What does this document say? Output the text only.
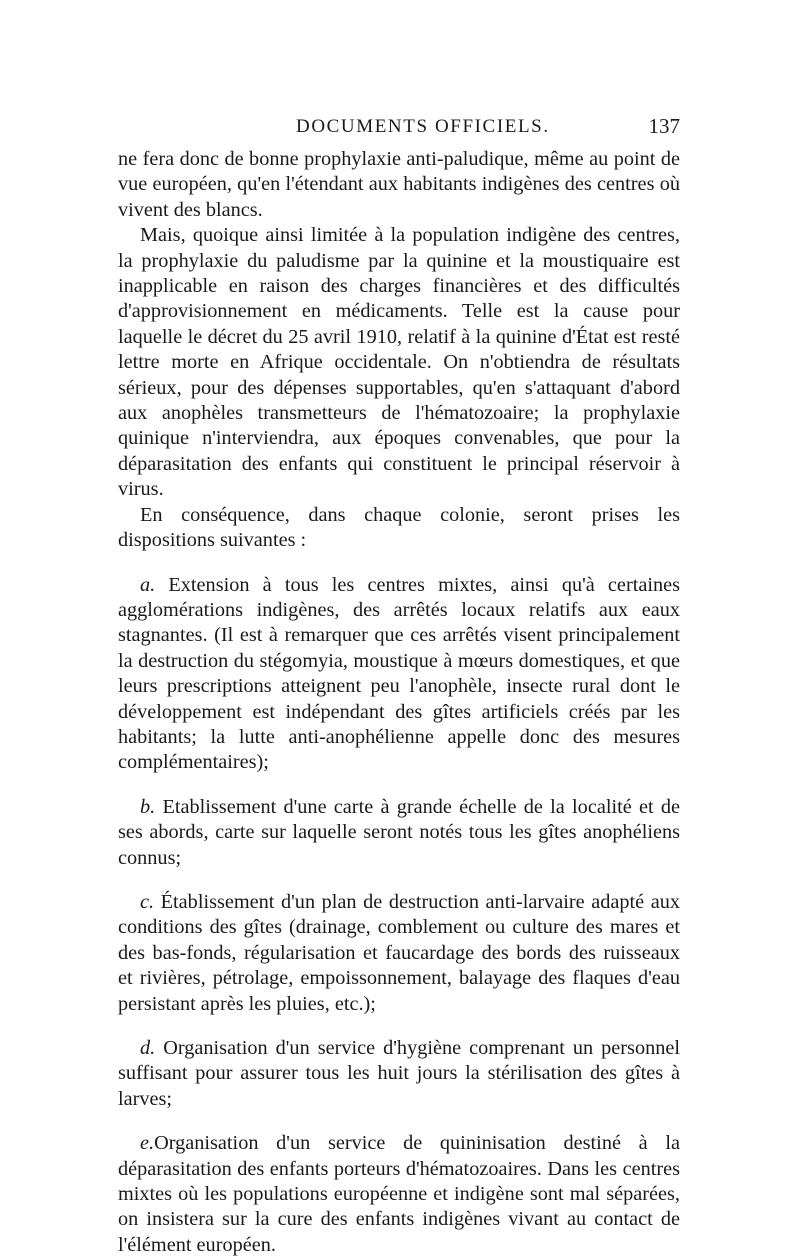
DOCUMENTS OFFICIELS.	137

ne fera donc de bonne prophylaxie anti-paludique, même au point de vue européen, qu'en l'étendant aux habitants indigènes des centres où vivent des blancs.

Mais, quoique ainsi limitée à la population indigène des centres, la prophylaxie du paludisme par la quinine et la moustiquaire est inapplicable en raison des charges financières et des difficultés d'approvisionnement en médicaments. Telle est la cause pour laquelle le décret du 25 avril 1910, relatif à la quinine d'État est resté lettre morte en Afrique occidentale. On n'obtiendra de résultats sérieux, pour des dépenses supportables, qu'en s'attaquant d'abord aux anophèles transmetteurs de l'hématozoaire; la prophylaxie quinique n'interviendra, aux époques convenables, que pour la déparasitation des enfants qui constituent le principal réservoir à virus.

En conséquence, dans chaque colonie, seront prises les dispositions suivantes :

a. Extension à tous les centres mixtes, ainsi qu'à certaines agglomérations indigènes, des arrêtés locaux relatifs aux eaux stagnantes. (Il est à remarquer que ces arrêtés visent principalement la destruction du stégomyia, moustique à mœurs domestiques, et que leurs prescriptions atteignent peu l'anophèle, insecte rural dont le développement est indépendant des gîtes artificiels créés par les habitants; la lutte anti-anophélienne appelle donc des mesures complémentaires);

b. Etablissement d'une carte à grande échelle de la localité et de ses abords, carte sur laquelle seront notés tous les gîtes anophéliens connus;

c. Établissement d'un plan de destruction anti-larvaire adapté aux conditions des gîtes (drainage, comblement ou culture des mares et des bas-fonds, régularisation et faucardage des bords des ruisseaux et rivières, pétrolage, empoissonnement, balayage des flaques d'eau persistant après les pluies, etc.);

d. Organisation d'un service d'hygiène comprenant un personnel suffisant pour assurer tous les huit jours la stérilisation des gîtes à larves;

e.Organisation d'un service de quininisation destiné à la déparasitation des enfants porteurs d'hématozoaires. Dans les centres mixtes où les populations européenne et indigène sont mal séparées, on insistera sur la cure des enfants indigènes vivant au contact de l'élément européen.
